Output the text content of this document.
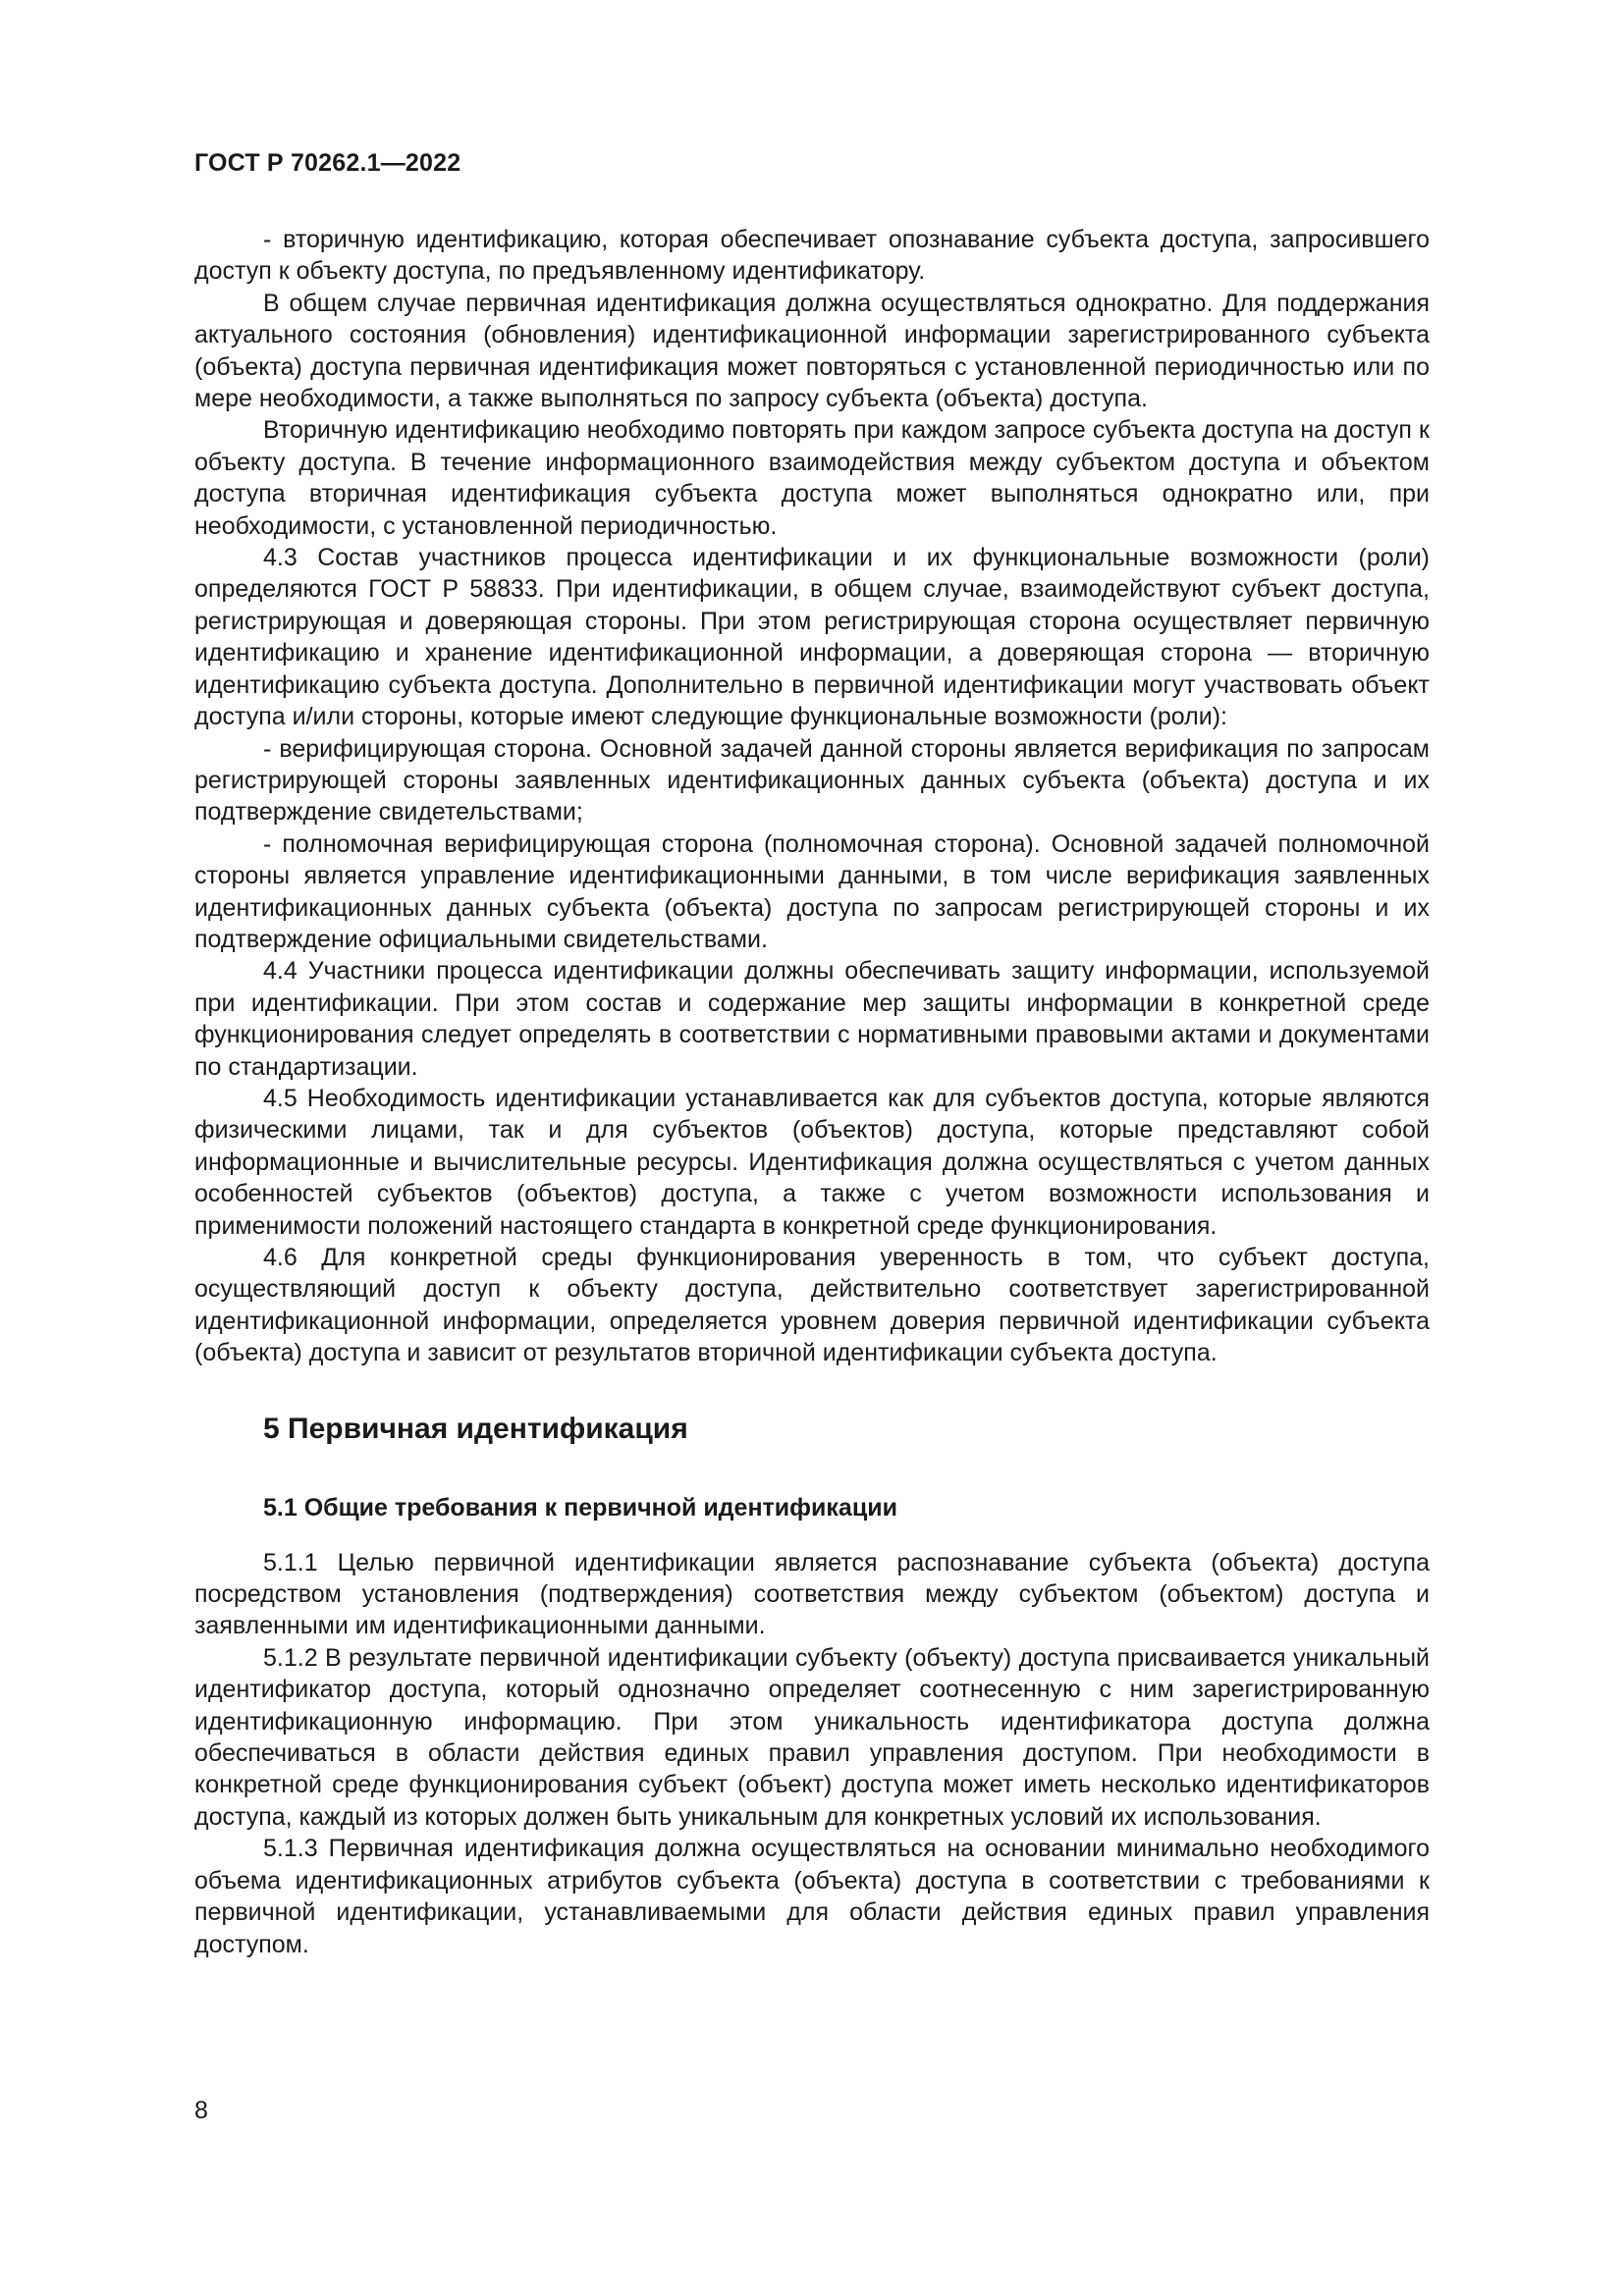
ГОСТ Р 70262.1—2022

- вторичную идентификацию, которая обеспечивает опознавание субъекта доступа, запросившего доступ к объекту доступа, по предъявленному идентификатору.

В общем случае первичная идентификация должна осуществляться однократно. Для поддержания актуального состояния (обновления) идентификационной информации зарегистрированного субъекта (объекта) доступа первичная идентификация может повторяться с установленной периодичностью или по мере необходимости, а также выполняться по запросу субъекта (объекта) доступа.

Вторичную идентификацию необходимо повторять при каждом запросе субъекта доступа на доступ к объекту доступа. В течение информационного взаимодействия между субъектом доступа и объектом доступа вторичная идентификация субъекта доступа может выполняться однократно или, при необходимости, с установленной периодичностью.

4.3 Состав участников процесса идентификации и их функциональные возможности (роли) определяются ГОСТ Р 58833. При идентификации, в общем случае, взаимодействуют субъект доступа, регистрирующая и доверяющая стороны. При этом регистрирующая сторона осуществляет первичную идентификацию и хранение идентификационной информации, а доверяющая сторона — вторичную идентификацию субъекта доступа. Дополнительно в первичной идентификации могут участвовать объект доступа и/или стороны, которые имеют следующие функциональные возможности (роли):

- верифицирующая сторона. Основной задачей данной стороны является верификация по запросам регистрирующей стороны заявленных идентификационных данных субъекта (объекта) доступа и их подтверждение свидетельствами;

- полномочная верифицирующая сторона (полномочная сторона). Основной задачей полномочной стороны является управление идентификационными данными, в том числе верификация заявленных идентификационных данных субъекта (объекта) доступа по запросам регистрирующей стороны и их подтверждение официальными свидетельствами.

4.4 Участники процесса идентификации должны обеспечивать защиту информации, используемой при идентификации. При этом состав и содержание мер защиты информации в конкретной среде функционирования следует определять в соответствии с нормативными правовыми актами и документами по стандартизации.

4.5 Необходимость идентификации устанавливается как для субъектов доступа, которые являются физическими лицами, так и для субъектов (объектов) доступа, которые представляют собой информационные и вычислительные ресурсы. Идентификация должна осуществляться с учетом данных особенностей субъектов (объектов) доступа, а также с учетом возможности использования и применимости положений настоящего стандарта в конкретной среде функционирования.

4.6 Для конкретной среды функционирования уверенность в том, что субъект доступа, осуществляющий доступ к объекту доступа, действительно соответствует зарегистрированной идентификационной информации, определяется уровнем доверия первичной идентификации субъекта (объекта) доступа и зависит от результатов вторичной идентификации субъекта доступа.

5 Первичная идентификация
5.1 Общие требования к первичной идентификации

5.1.1 Целью первичной идентификации является распознавание субъекта (объекта) доступа посредством установления (подтверждения) соответствия между субъектом (объектом) доступа и заявленными им идентификационными данными.

5.1.2 В результате первичной идентификации субъекту (объекту) доступа присваивается уникальный идентификатор доступа, который однозначно определяет соотнесенную с ним зарегистрированную идентификационную информацию. При этом уникальность идентификатора доступа должна обеспечиваться в области действия единых правил управления доступом. При необходимости в конкретной среде функционирования субъект (объект) доступа может иметь несколько идентификаторов доступа, каждый из которых должен быть уникальным для конкретных условий их использования.

5.1.3 Первичная идентификация должна осуществляться на основании минимально необходимого объема идентификационных атрибутов субъекта (объекта) доступа в соответствии с требованиями к первичной идентификации, устанавливаемыми для области действия единых правил управления доступом.

8
